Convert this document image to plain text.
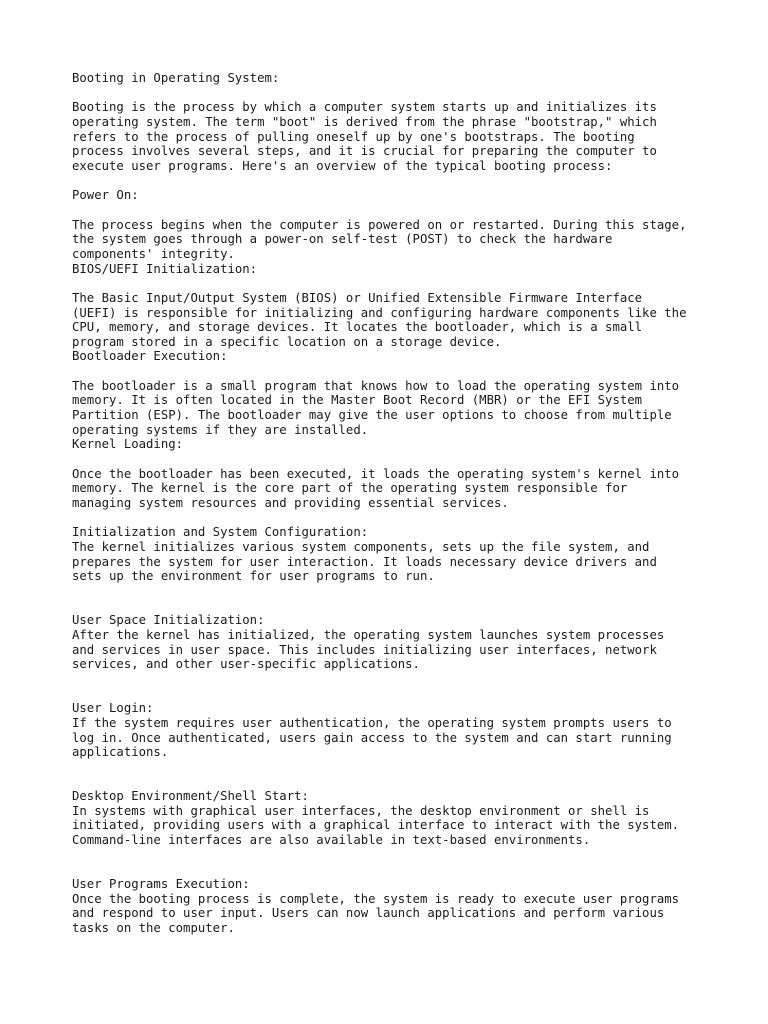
Booting in Operating System:

Booting is the process by which a computer system starts up and initializes its
operating system. The term "boot" is derived from the phrase "bootstrap," which
refers to the process of pulling oneself up by one's bootstraps. The booting
process involves several steps, and it is crucial for preparing the computer to
execute user programs. Here's an overview of the typical booting process:

Power On:

The process begins when the computer is powered on or restarted. During this stage,
the system goes through a power-on self-test (POST) to check the hardware
components' integrity.
BIOS/UEFI Initialization:

The Basic Input/Output System (BIOS) or Unified Extensible Firmware Interface
(UEFI) is responsible for initializing and configuring hardware components like the
CPU, memory, and storage devices. It locates the bootloader, which is a small
program stored in a specific location on a storage device.
Bootloader Execution:

The bootloader is a small program that knows how to load the operating system into
memory. It is often located in the Master Boot Record (MBR) or the EFI System
Partition (ESP). The bootloader may give the user options to choose from multiple
operating systems if they are installed.
Kernel Loading:

Once the bootloader has been executed, it loads the operating system's kernel into
memory. The kernel is the core part of the operating system responsible for
managing system resources and providing essential services.

Initialization and System Configuration:
The kernel initializes various system components, sets up the file system, and
prepares the system for user interaction. It loads necessary device drivers and
sets up the environment for user programs to run.

User Space Initialization:
After the kernel has initialized, the operating system launches system processes
and services in user space. This includes initializing user interfaces, network
services, and other user-specific applications.

User Login:
If the system requires user authentication, the operating system prompts users to
log in. Once authenticated, users gain access to the system and can start running
applications.

Desktop Environment/Shell Start:
In systems with graphical user interfaces, the desktop environment or shell is
initiated, providing users with a graphical interface to interact with the system.
Command-line interfaces are also available in text-based environments.

User Programs Execution:
Once the booting process is complete, the system is ready to execute user programs
and respond to user input. Users can now launch applications and perform various
tasks on the computer.
